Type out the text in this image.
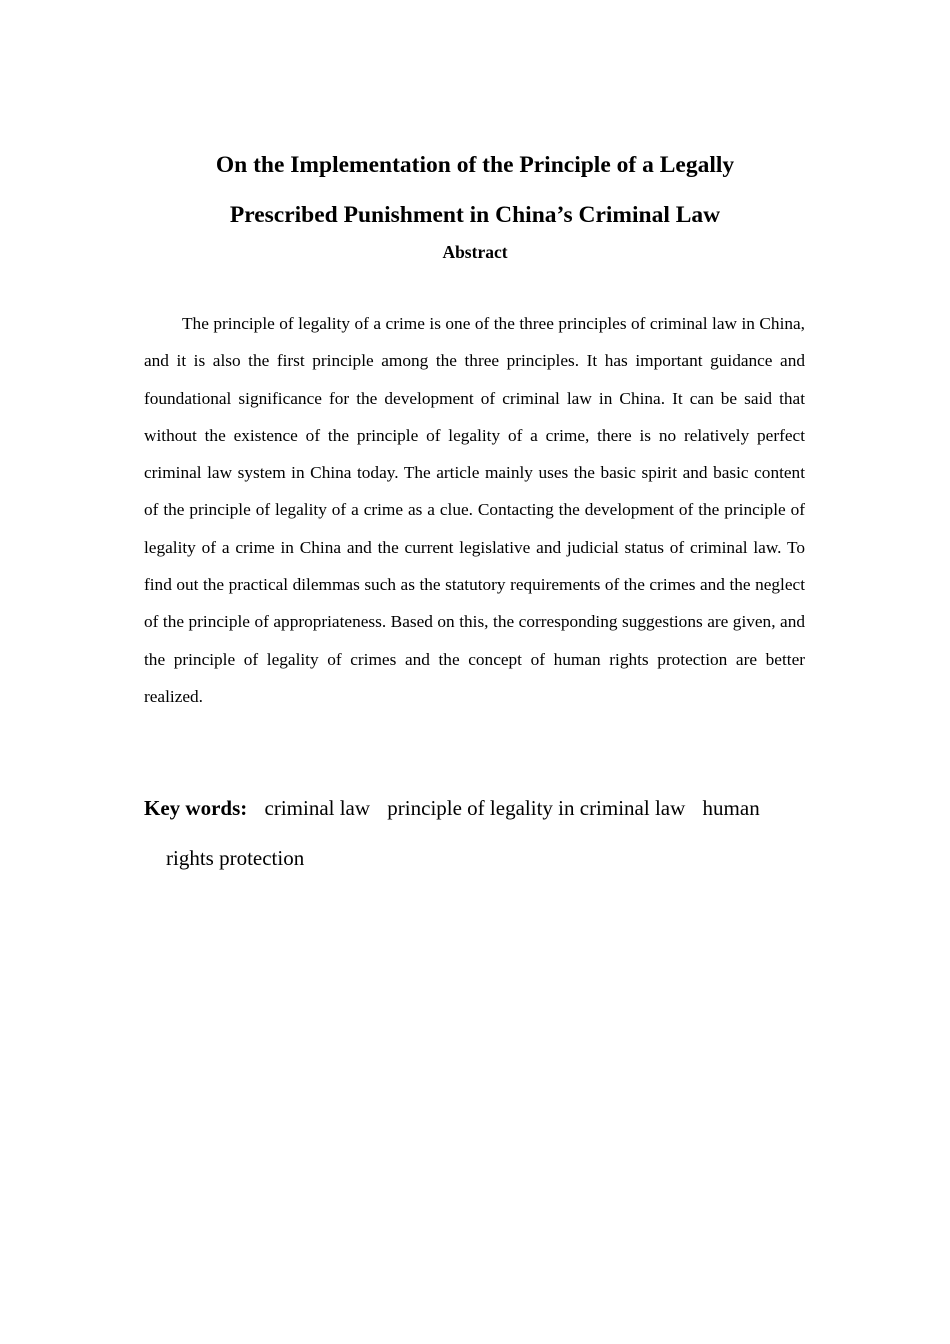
On the Implementation of the Principle of a Legally
Prescribed Punishment in China’s Criminal Law
Abstract

The principle of legality of a crime is one of the three principles of criminal law in China, and it is also the first principle among the three principles. It has important guidance and foundational significance for the development of criminal law in China. It can be said that without the existence of the principle of legality of a crime, there is no relatively perfect criminal law system in China today. The article mainly uses the basic spirit and basic content of the principle of legality of a crime as a clue. Contacting the development of the principle of legality of a crime in China and the current legislative and judicial status of criminal law. To find out the practical dilemmas such as the statutory requirements of the crimes and the neglect of the principle of appropriateness. Based on this, the corresponding suggestions are given, and the principle of legality of crimes and the concept of human rights protection are better realized.

Key words: criminal law principle of legality in criminal law human
rights protection
